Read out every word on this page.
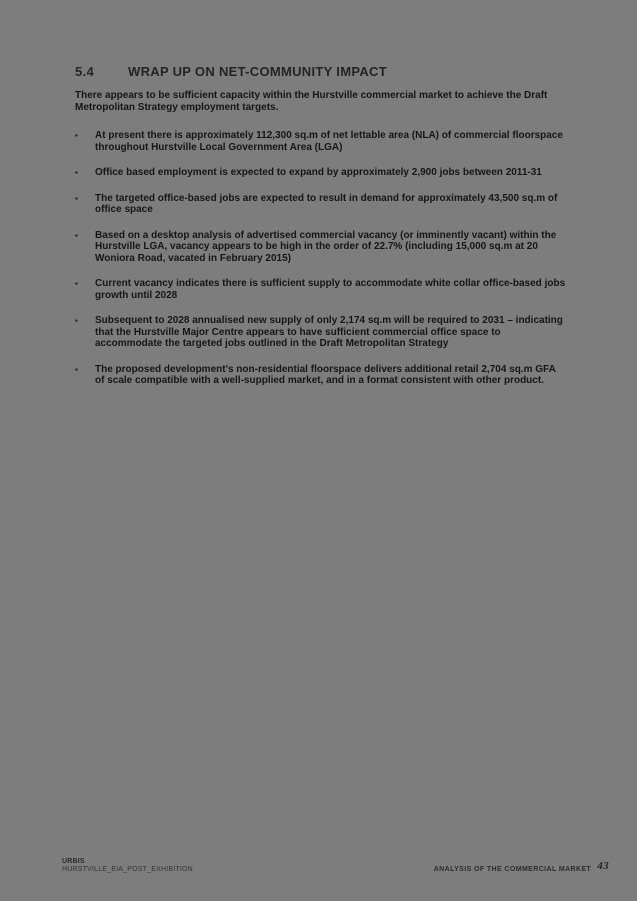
5.4	WRAP UP ON NET-COMMUNITY IMPACT

There appears to be sufficient capacity within the Hurstville commercial market to achieve the Draft Metropolitan Strategy employment targets.

▪	At present there is approximately 112,300 sq.m of net lettable area (NLA) of commercial floorspace throughout Hurstville Local Government Area (LGA)
▪	Office based employment is expected to expand by approximately 2,900 jobs between 2011-31
▪	The targeted office-based jobs are expected to result in demand for approximately 43,500 sq.m of office space
▪	Based on a desktop analysis of advertised commercial vacancy (or imminently vacant) within the Hurstville LGA, vacancy appears to be high in the order of 22.7% (including 15,000 sq.m at 20 Woniora Road, vacated in February 2015)
▪	Current vacancy indicates there is sufficient supply to accommodate white collar office-based jobs growth until 2028
▪	Subsequent to 2028 annualised new supply of only 2,174 sq.m will be required to 2031 – indicating that the Hurstville Major Centre appears to have sufficient commercial office space to accommodate the targeted jobs outlined in the Draft Metropolitan Strategy
▪	The proposed development's non-residential floorspace delivers additional retail 2,704 sq.m GFA of scale compatible with a well-supplied market, and in a format consistent with other product.
URBIS
HURSTVILLE_EIA_POST_EXHIBITION	ANALYSIS OF THE COMMERCIAL MARKET 43
